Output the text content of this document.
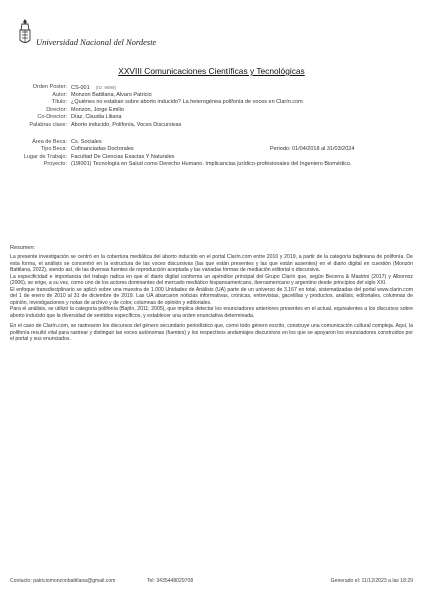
Universidad Nacional del Nordeste
XXVIII Comunicaciones Científicas y Tecnológicas
Orden Poster: CS-001 (ID: 9898)
Autor: Monzon Battilana, Alvaro Patricio
Título: ¿Quiénes no estaban sobre aborto inducido? La heterogénea polifonía de voces en Clarín.com
Director: Monzon, Jorge Emilio
Co-Director: Díaz, Claudia Liliana
Palabras clave: Aborto inducido, Polifonía, Voces Discursivas
Área de Beca: Cs. Sociales
Tipo Beca: Cofinanciadas Doctorales	Periodo: 01/04/2018 al 31/03/2024
Lugar de Trabajo: Facultad De Ciencias Exactas Y Naturales
Proyecto: (19I001) Tecnología en Salud como Derecho Humano. Implicancias jurídico-profesionales del Ingeniero Biomédico.
Resumen:

La presente investigación se centró en la cobertura mediática del aborto inducido en el portal Clarín.com entre 2010 y 2019, a partir de la categoría bajtiniana de polifonía. De esta forma, el análisis se concentró en la estructura de las voces discursivas (las que están presentes y las que están ausentes) en el diario digital en cuestión (Monzón Battilana, 2022), siendo así, de las diversas fuentes de reproducción aceptada y las variadas formas de mediación editorial o discursiva.

La especificidad e importancia del trabajo radica en que el diario digital conforma un apéndice principal del Grupo Clarín que, según Becerra & Mastrini (2017) y Albornoz (2006), se erige, a su vez, como uno de los actores dominantes del mercado mediático hispanoamericano, iberoamericano y argentino desde principios del siglo XXI.

El enfoque transdisciplinario se aplicó sobre una muestra de 1.000 Unidades de Análisis (UA) parte de un universo de 3.167 en total, sistematizadas del portal www.clarin.com del 1 de enero de 2010 al 31 de diciembre de 2019. Las UA abarcaron noticias informativas, crónicas, entrevistas, gacetillas y productos, análisis, editoriales, columnas de opinión, investigaciones y notas de archivo y de color, columnas de opinión y editoriales.

Para el análisis, se utilizó la categoría polifonía (Bajtín, 2011; 2005), que implica detectar los enunciadores anteriores presentes en el actual, equivalentes a los discursos sobre aborto inducido que la diversidad de sentidos específicos, y establecer una orden enunciativa determinada.

En el caso de Clarín.com, se rastrearon los discursos del género secundario periodístico que, como todo género escrito, construye una comunicación cultural compleja. Aquí, la polifonía resultó vital para rastrear y distinguir las voces autónomas (fuentes) y los respectivos andamiajes discursivos en los que se apoyaron los enunciadores construidos por el portal y sus enunciados.

Contacto: patriciomonzonbattilana@gmail.com	Tel: 3435448029708	Generado el: 11/12/2023 a las 18:29
